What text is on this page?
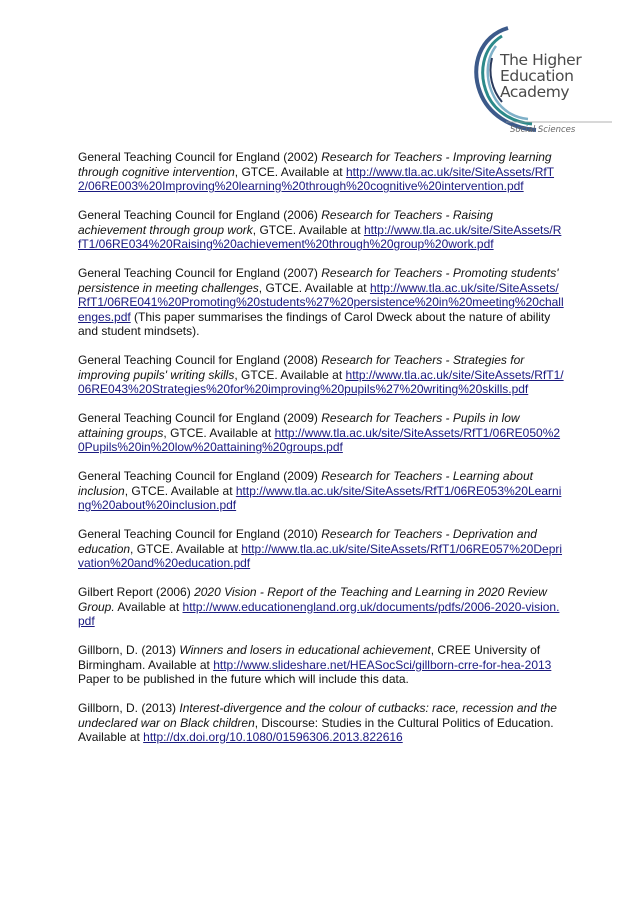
The Higher
Education
Academy
Social Sciences

General Teaching Council for England (2002) Research for Teachers - Improving learning through cognitive intervention, GTCE. Available at http://www.tla.ac.uk/site/SiteAssets/RfT2/06RE003%20Improving%20learning%20through%20cognitive%20intervention.pdf

General Teaching Council for England (2006) Research for Teachers - Raising achievement through group work, GTCE. Available at http://www.tla.ac.uk/site/SiteAssets/RfT1/06RE034%20Raising%20achievement%20through%20group%20work.pdf

General Teaching Council for England (2007) Research for Teachers - Promoting students' persistence in meeting challenges, GTCE. Available at http://www.tla.ac.uk/site/SiteAssets/RfT1/06RE041%20Promoting%20students%27%20persistence%20in%20meeting%20challenges.pdf (This paper summarises the findings of Carol Dweck about the nature of ability and student mindsets).

General Teaching Council for England (2008) Research for Teachers - Strategies for improving pupils' writing skills, GTCE. Available at http://www.tla.ac.uk/site/SiteAssets/RfT1/06RE043%20Strategies%20for%20improving%20pupils%27%20writing%20skills.pdf

General Teaching Council for England (2009) Research for Teachers - Pupils in low attaining groups, GTCE. Available at http://www.tla.ac.uk/site/SiteAssets/RfT1/06RE050%20Pupils%20in%20low%20attaining%20groups.pdf

General Teaching Council for England (2009) Research for Teachers - Learning about inclusion, GTCE. Available at http://www.tla.ac.uk/site/SiteAssets/RfT1/06RE053%20Learning%20about%20inclusion.pdf

General Teaching Council for England (2010) Research for Teachers - Deprivation and education, GTCE. Available at http://www.tla.ac.uk/site/SiteAssets/RfT1/06RE057%20Deprivation%20and%20education.pdf

Gilbert Report (2006) 2020 Vision - Report of the Teaching and Learning in 2020 Review Group. Available at http://www.educationengland.org.uk/documents/pdfs/2006-2020-vision.pdf

Gillborn, D. (2013) Winners and losers in educational achievement, CREE University of Birmingham. Available at http://www.slideshare.net/HEASocSci/gillborn-crre-for-hea-2013 Paper to be published in the future which will include this data.

Gillborn, D. (2013) Interest-divergence and the colour of cutbacks: race, recession and the undeclared war on Black children, Discourse: Studies in the Cultural Politics of Education. Available at http://dx.doi.org/10.1080/01596306.2013.822616
